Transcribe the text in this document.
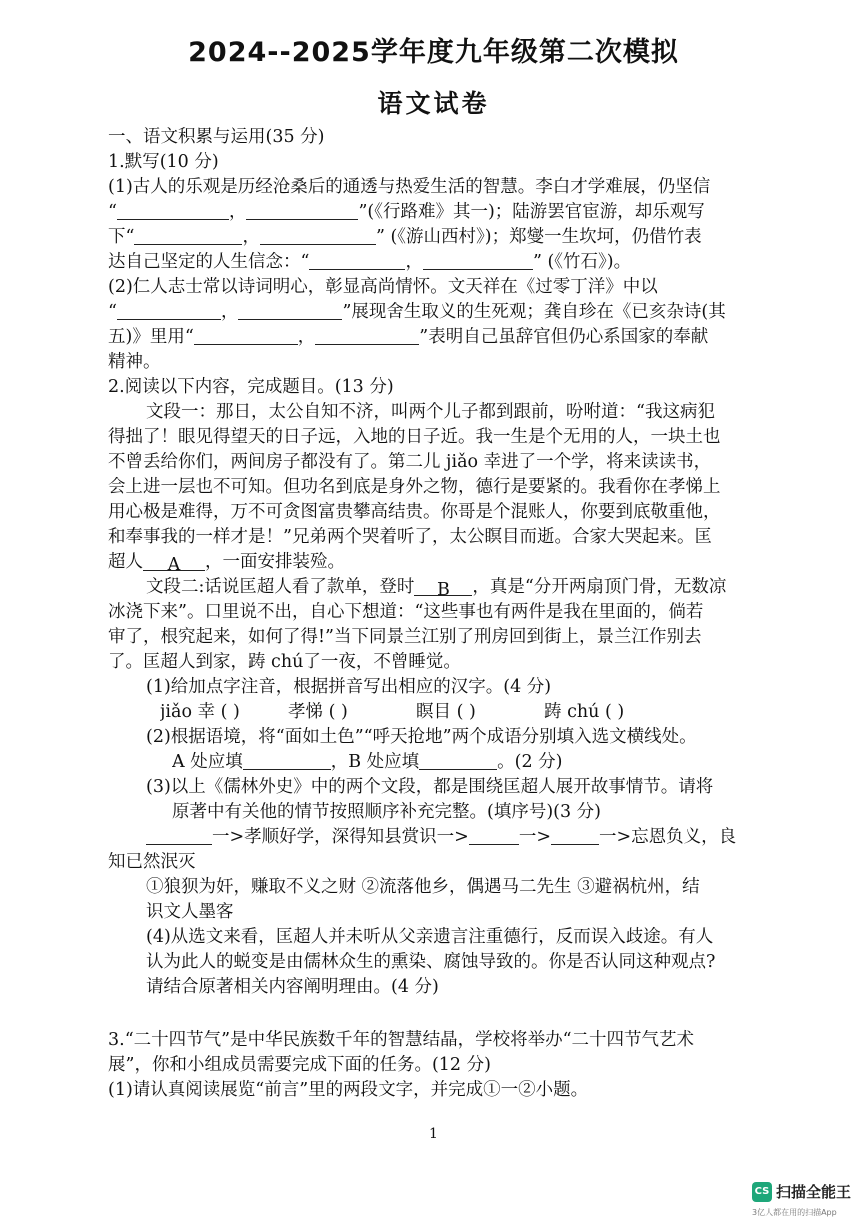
2024--2025学年度九年级第二次模拟
语文试卷
一、语文积累与运用(35 分)
1.默写(10 分)
(1)古人的乐观是历经沧桑后的通透与热爱生活的智慧。李白才学难展，仍坚信
“	，	”(《行路难》其一)；陆游罢官宦游，却乐观写
下“	，	” (《游山西村》)；郑燮一生坎坷，仍借竹表
达自己坚定的人生信念：“	，	” (《竹石》)。
(2)仁人志士常以诗词明心，彰显高尚情怀。文天祥在《过零丁洋》中以
“	，	”展现舍生取义的生死观；龚自珍在《已亥杂诗(其
五)》里用“	，	”表明自己虽辞官但仍心系国家的奉献
精神。
2.阅读以下内容，完成题目。(13 分)
文段一：那日，太公自知不济，叫两个儿子都到跟前，吩咐道：“我这病犯
得拙了！眼见得望天的日子远，入地的日子近。我一生是个无用的人，一块土也
不曾丢给你们，两间房子都没有了。第二儿 jiǎo 幸进了一个学，将来读读书，
会上进一层也不可知。但功名到底是身外之物，德行是要紧的。我看你在孝悌上
用心极是难得，万不可贪图富贵攀高结贵。你哥是个混账人，你要到底敬重他，
和奉事我的一样才是！”兄弟两个哭着听了，太公瞑目而逝。合家大哭起来。匡
超人 A ，一面安排装殓。
文段二:话说匡超人看了款单，登时 B ，真是“分开两扇顶门骨，无数凉
冰浇下来”。口里说不出，自心下想道：“这些事也有两件是我在里面的，倘若
审了，根究起来，如何了得!”当下同景兰江别了刑房回到街上，景兰江作别去
了。匡超人到家，踌 chú了一夜，不曾睡觉。
(1)给加点字注音，根据拼音写出相应的汉字。(4 分)
jiǎo 幸 ( )	孝悌 ( )	瞑目 ( )	踌 chú ( )
(2)根据语境，将“面如土色”“呼天抢地”两个成语分别填入选文横线处。
A 处应填	，B 处应填	。(2 分)
(3)以上《儒林外史》中的两个文段，都是围绕匡超人展开故事情节。请将
原著中有关他的情节按照顺序补充完整。(填序号)(3 分)
一>孝顺好学，深得知县赏识一>	一>	一>忘恩负义，良
知已然泯灭
①狼狈为奸，赚取不义之财 ②流落他乡，偶遇马二先生 ③避祸杭州，结
识文人墨客
(4)从选文来看，匡超人并未听从父亲遗言注重德行，反而误入歧途。有人
认为此人的蜕变是由儒林众生的熏染、腐蚀导致的。你是否认同这种观点?
请结合原著相关内容阐明理由。(4 分)
3.“二十四节气”是中华民族数千年的智慧结晶，学校将举办“二十四节气艺术
展”，你和小组成员需要完成下面的任务。(12 分)
(1)请认真阅读展览“前言”里的两段文字，并完成①一②小题。
1
CS 扫描全能王
3亿人都在用的扫描App
